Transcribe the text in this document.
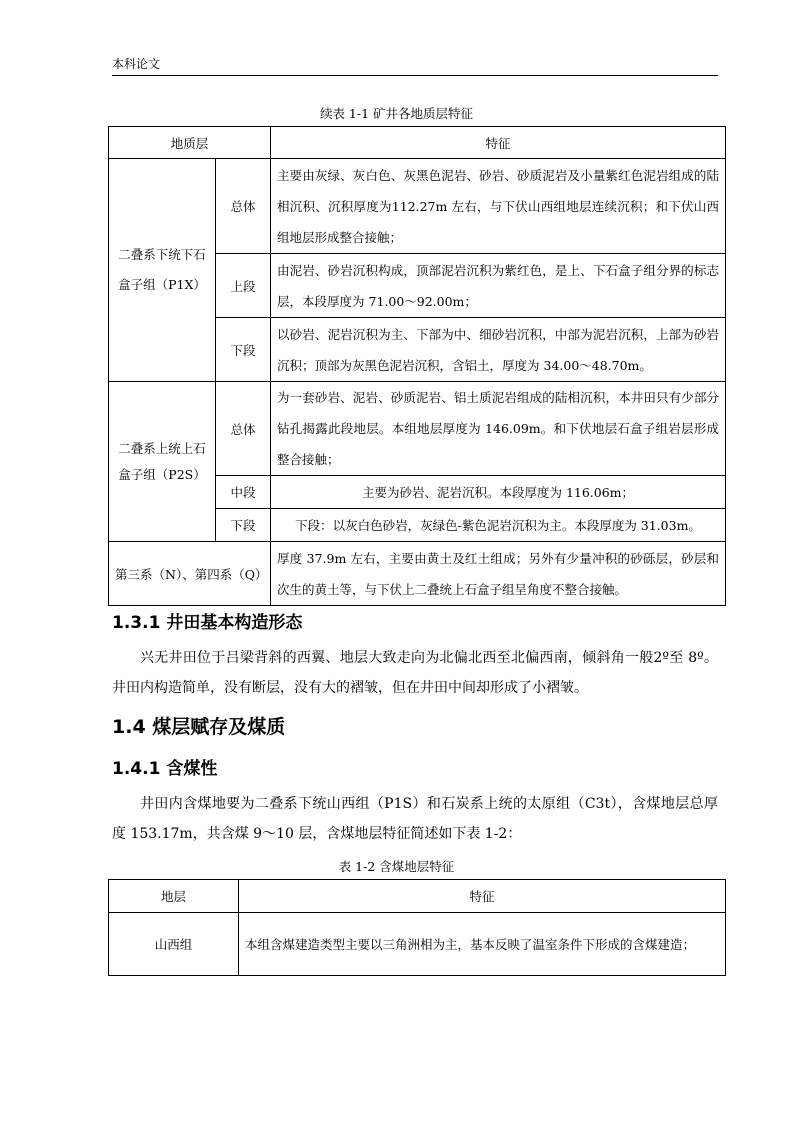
本科论文
续表 1-1 矿井各地质层特征
地质层		特征
二叠系下统下石盒子组（P1X）	总体	主要由灰绿、灰白色、灰黑色泥岩、砂岩、砂质泥岩及小量紫红色泥岩组成的陆相沉积、沉积厚度为112.27m 左右，与下伏山西组地层连续沉积；和下伏山西组地层形成整合接触；
	上段	由泥岩、砂岩沉积构成，顶部泥岩沉积为紫红色，是上、下石盒子组分界的标志层，本段厚度为 71.00～92.00m；
	下段	以砂岩、泥岩沉积为主、下部为中、细砂岩沉积，中部为泥岩沉积，上部为砂岩沉积；顶部为灰黑色泥岩沉积，含铝土，厚度为 34.00～48.70m。
二叠系上统上石盒子组（P2S）	总体	为一套砂岩、泥岩、砂质泥岩、铝土质泥岩组成的陆相沉积，本井田只有少部分钻孔揭露此段地层。本组地层厚度为 146.09m。和下伏地层石盒子组岩层形成整合接触；
	中段	主要为砂岩、泥岩沉积。本段厚度为 116.06m；
	下段	下段：以灰白色砂岩，灰绿色-紫色泥岩沉积为主。本段厚度为 31.03m。
第三系（N）、第四系（Q）		厚度 37.9m 左右，主要由黄土及红土组成；另外有少量冲积的砂砾层，砂层和次生的黄土等，与下伏上二叠统上石盒子组呈角度不整合接触。
1.3.1 井田基本构造形态

兴无井田位于吕梁背斜的西翼、地层大致走向为北偏北西至北偏西南，倾斜角一般2º至 8º。井田内构造简单，没有断层，没有大的褶皱，但在井田中间却形成了小褶皱。

1.4 煤层赋存及煤质
1.4.1 含煤性

井田内含煤地要为二叠系下统山西组（P1S）和石炭系上统的太原组（C3t），含煤地层总厚度 153.17m，共含煤 9～10 层，含煤地层特征简述如下表 1-2：

表 1-2 含煤地层特征
地层	特征
山西组	本组含煤建造类型主要以三角洲相为主，基本反映了温室条件下形成的含煤建造；
